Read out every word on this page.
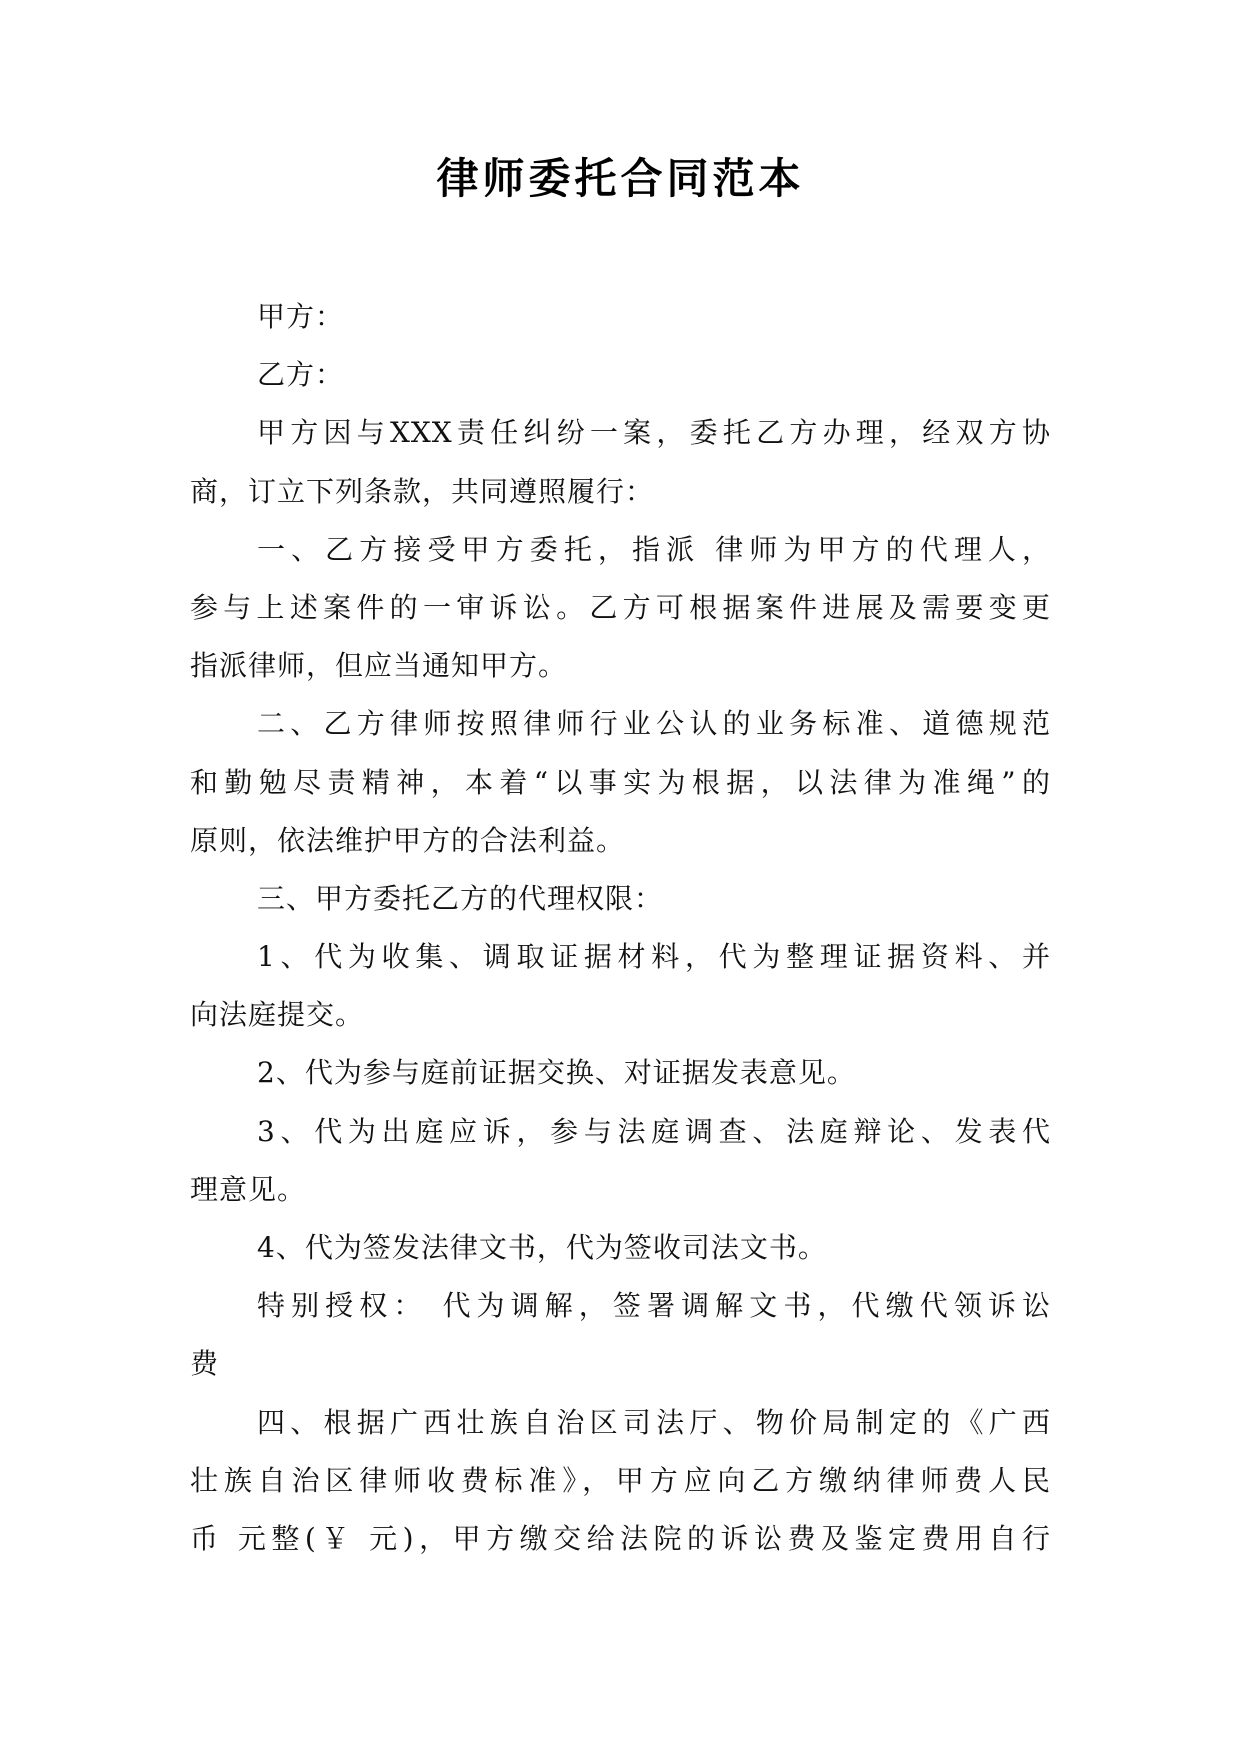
律师委托合同范本
甲方：
乙方：
甲方因与XXX责任纠纷一案，委托乙方办理，经双方协
商，订立下列条款，共同遵照履行：
一、乙方接受甲方委托，指派 律师为甲方的代理人，
参与上述案件的一审诉讼。乙方可根据案件进展及需要变更
指派律师，但应当通知甲方。
二、乙方律师按照律师行业公认的业务标准、道德规范
和勤勉尽责精神，本着“以事实为根据，以法律为准绳”的
原则，依法维护甲方的合法利益。
三、甲方委托乙方的代理权限：
1、代为收集、调取证据材料，代为整理证据资料、并
向法庭提交。
2、代为参与庭前证据交换、对证据发表意见。
3、代为出庭应诉，参与法庭调查、法庭辩论、发表代
理意见。
4、代为签发法律文书，代为签收司法文书。
特别授权： 代为调解，签署调解文书，代缴代领诉讼
费
四、根据广西壮族自治区司法厅、物价局制定的《广西
壮族自治区律师收费标准》，甲方应向乙方缴纳律师费人民
币 元整(￥ 元)，甲方缴交给法院的诉讼费及鉴定费用自行
